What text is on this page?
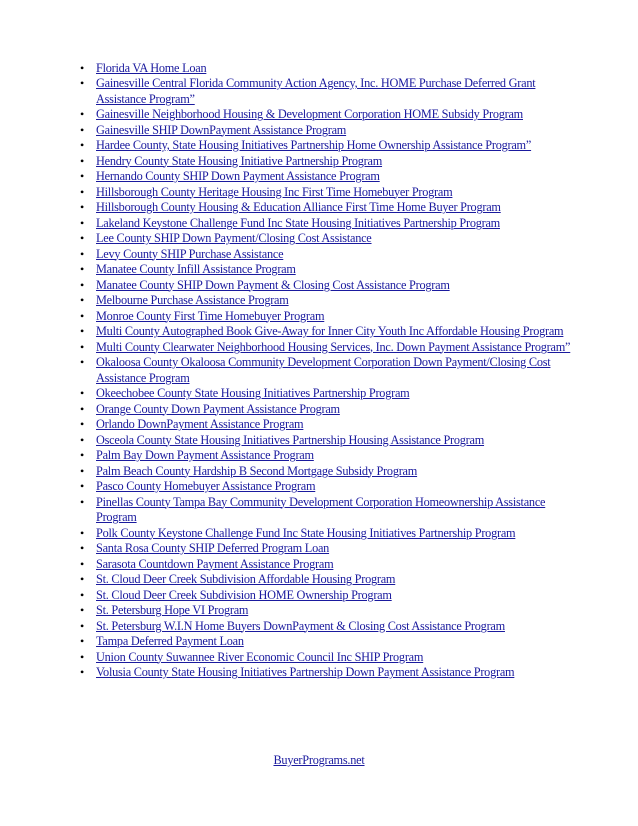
• Florida VA Home Loan
• Gainesville Central Florida Community Action Agency, Inc. HOME Purchase Deferred Grant Assistance Program”
• Gainesville Neighborhood Housing & Development Corporation HOME Subsidy Program
• Gainesville SHIP DownPayment Assistance Program
• Hardee County, State Housing Initiatives Partnership Home Ownership Assistance Program”
• Hendry County State Housing Initiative Partnership Program
• Hernando County SHIP Down Payment Assistance Program
• Hillsborough County Heritage Housing Inc First Time Homebuyer Program
• Hillsborough County Housing & Education Alliance First Time Home Buyer Program
• Lakeland Keystone Challenge Fund Inc State Housing Initiatives Partnership Program
• Lee County SHIP Down Payment/Closing Cost Assistance
• Levy County SHIP Purchase Assistance
• Manatee County Infill Assistance Program
• Manatee County SHIP Down Payment & Closing Cost Assistance Program
• Melbourne Purchase Assistance Program
• Monroe County First Time Homebuyer Program
• Multi County Autographed Book Give-Away for Inner City Youth Inc Affordable Housing Program
• Multi County Clearwater Neighborhood Housing Services, Inc. Down Payment Assistance Program”
• Okaloosa County Okaloosa Community Development Corporation Down Payment/Closing Cost Assistance Program
• Okeechobee County State Housing Initiatives Partnership Program
• Orange County Down Payment Assistance Program
• Orlando DownPayment Assistance Program
• Osceola County State Housing Initiatives Partnership Housing Assistance Program
• Palm Bay Down Payment Assistance Program
• Palm Beach County Hardship B Second Mortgage Subsidy Program
• Pasco County Homebuyer Assistance Program
• Pinellas County Tampa Bay Community Development Corporation Homeownership Assistance Program
• Polk County Keystone Challenge Fund Inc State Housing Initiatives Partnership Program
• Santa Rosa County SHIP Deferred Program Loan
• Sarasota Countdown Payment Assistance Program
• St. Cloud Deer Creek Subdivision Affordable Housing Program
• St. Cloud Deer Creek Subdivision HOME Ownership Program
• St. Petersburg Hope VI Program
• St. Petersburg W.I.N Home Buyers DownPayment & Closing Cost Assistance Program
• Tampa Deferred Payment Loan
• Union County Suwannee River Economic Council Inc SHIP Program
• Volusia County State Housing Initiatives Partnership Down Payment Assistance Program
BuyerPrograms.net
